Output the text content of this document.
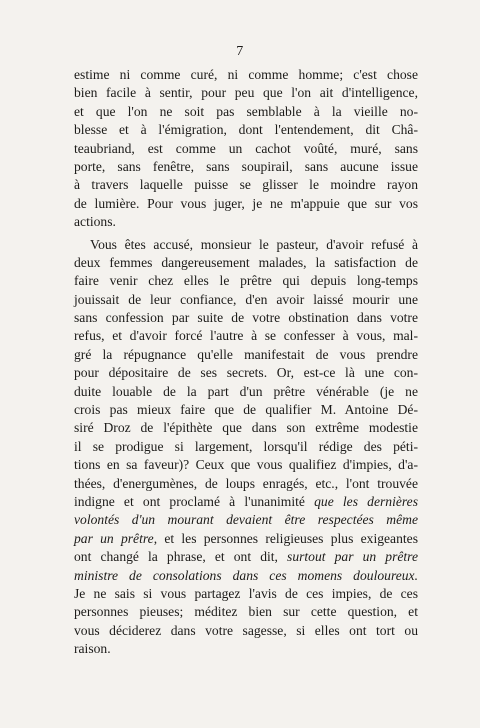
7
estime ni comme curé, ni comme homme; c'est chose
bien facile à sentir, pour peu que l'on ait d'intelligence,
et que l'on ne soit pas semblable à la vieille no-
blesse et à l'émigration, dont l'entendement, dit Châ-
teaubriand, est comme un cachot voûté, muré, sans
porte, sans fenêtre, sans soupirail, sans aucune issue
à travers laquelle puisse se glisser le moindre rayon
de lumière. Pour vous juger, je ne m'appuie que sur vos
actions.
Vous êtes accusé, monsieur le pasteur, d'avoir refusé à
deux femmes dangereusement malades, la satisfaction de
faire venir chez elles le prêtre qui depuis long-temps
jouissait de leur confiance, d'en avoir laissé mourir une
sans confession par suite de votre obstination dans votre
refus, et d'avoir forcé l'autre à se confesser à vous, mal-
gré la répugnance qu'elle manifestait de vous prendre
pour dépositaire de ses secrets. Or, est-ce là une con-
duite louable de la part d'un prêtre vénérable (je ne
crois pas mieux faire que de qualifier M. Antoine Dé-
siré Droz de l'épithète que dans son extrême modestie
il se prodigue si largement, lorsqu'il rédige des péti-
tions en sa faveur)? Ceux que vous qualifiez d'impies, d'a-
thées, d'energumènes, de loups enragés, etc., l'ont trouvée
indigne et ont proclamé à l'unanimité que les dernières
volontés d'un mourant devaient être respectées même
par un prêtre, et les personnes religieuses plus exigeantes
ont changé la phrase, et ont dit, surtout par un prêtre
ministre de consolations dans ces momens douloureux.
Je ne sais si vous partagez l'avis de ces impies, de ces
personnes pieuses; méditez bien sur cette question, et
vous déciderez dans votre sagesse, si elles ont tort ou
raison.
